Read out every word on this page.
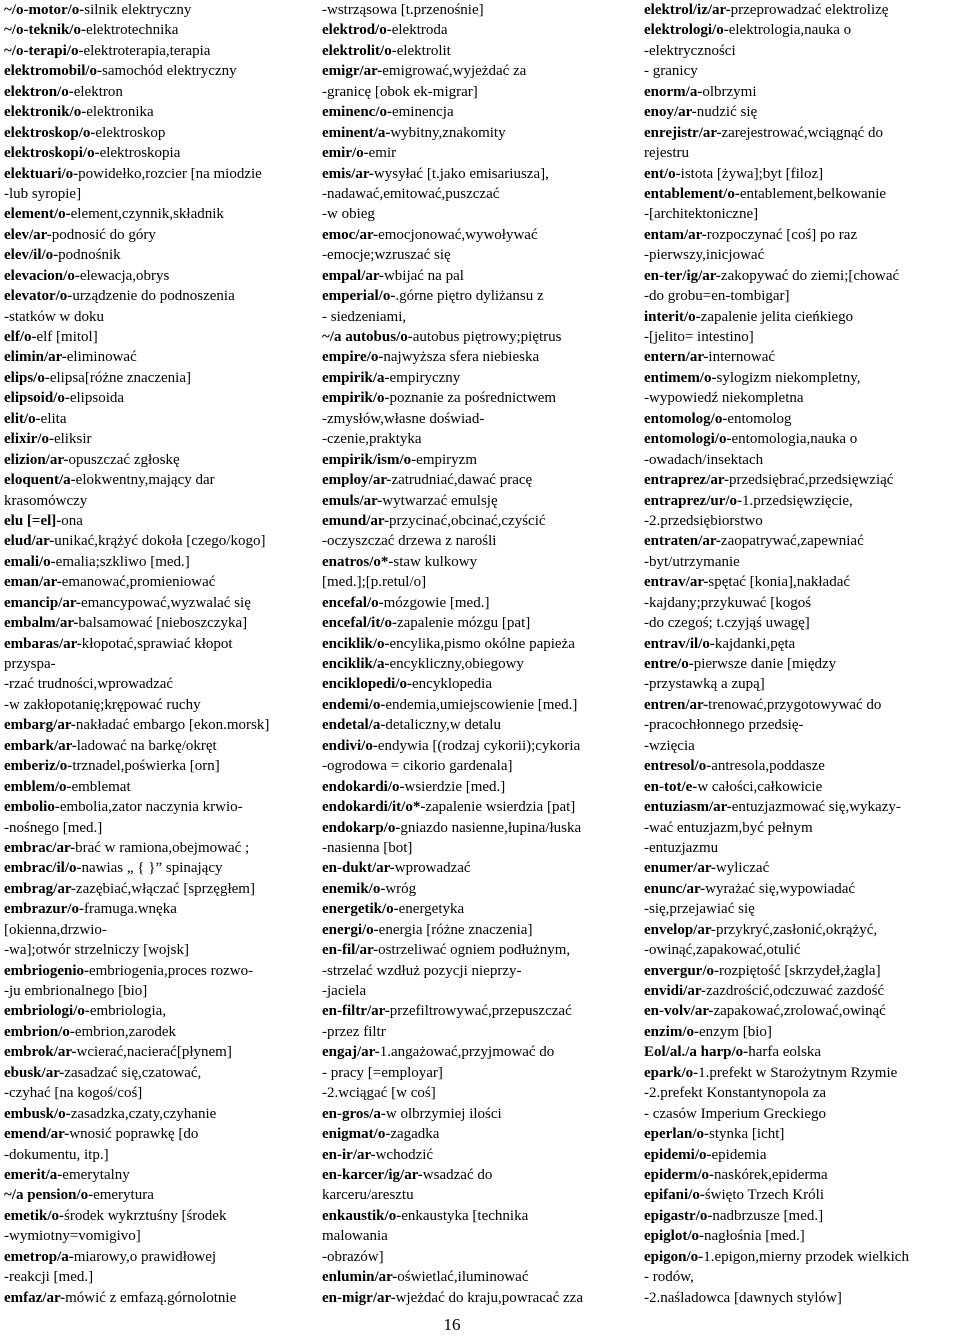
~/o-motor/o-silnik elektryczny
~/o-teknik/o-elektrotechnika
~/o-terapi/o-elektroterapia,terapia
elektromobil/o-samochód elektryczny
elektron/o-elektron
elektronik/o-elektronika
elektroskop/o-elektroskop
elektroskopi/o-elektroskopia
elektuari/o-powidełko,rozcier [na miodzie
-lub syropie]
element/o-element,czynnik,składnik
elev/ar-podnosić do góry
elev/il/o-podnośnik
elevacion/o-elewacja,obrys
elevator/o-urządzenie do podnoszenia
-statków w doku
elf/o-elf [mitol]
elimin/ar-eliminować
elips/o-elipsa[różne znaczenia]
elipsoid/o-elipsoida
elit/o-elita
elixir/o-eliksir
elizion/ar-opuszczać zgłoskę
eloquent/a-elokwentny,mający dar
krasomówczy
elu [=el]-ona
elud/ar-unikać,krążyć dokoła [czego/kogo]
emali/o-emalia;szkliwo [med.]
eman/ar-emanować,promieniować
emancip/ar-emancypować,wyzwalać się
embalm/ar-balsamować [nieboszczyka]
embaras/ar-kłopotać,sprawiać kłopot
przyspa-
-rzać trudności,wprowadzać
-w zakłopotanię;krępować ruchy
embarg/ar-nakładać embargo [ekon.morsk]
embark/ar-ladować na barkę/okręt
emberiz/o-trznadel,poświerka [orn]
emblem/o-emblemat
embolio-embolia,zator naczynia krwio-
-nośnego [med.]
embrac/ar-brać w ramiona,obejmować ;
embrac/il/o-nawias „ { }” spinający
embrag/ar-zazębiać,włączać [sprzęgłem]
embrazur/o-framuga.wnęka
[okienna,drzwio-
-wa];otwór strzelniczy [wojsk]
embriogenio-embriogenia,proces rozwo-
-ju embrionalnego [bio]
embriologi/o-embriologia,
embrion/o-embrion,zarodek
embrok/ar-wcierać,nacierać[płynem]
ebusk/ar-zasadzać się,czatować,
-czyhać [na kogoś/coś]
embusk/o-zasadzka,czaty,czyhanie
emend/ar-wnosić poprawkę [do
-dokumentu, itp.]
emerit/a-emerytalny
~/a pension/o-emerytura
emetik/o-środek wykrztuśny [środek
-wymiotny=vomigivo]
emetrop/a-miarowy,o prawidłowej
-reakcji [med.]
emfaz/ar-mówić z emfazą.górnolotnie
-wstrząsowa [t.przenośnie]
elektrod/o-elektroda
elektrolit/o-elektrolit
emigr/ar-emigrować,wyjeżdać za
-granicę [obok ek-migrar]
eminenc/o-eminencja
eminent/a-wybitny,znakomity
emir/o-emir
emis/ar-wysyłać [t.jako emisariusza],
-nadawać,emitować,puszczać
-w obieg
emoc/ar-emocjonować,wywoływać
-emocje;wzruszać się
empal/ar-wbijać na pal
emperial/o-.górne piętro dyliżansu z
- siedzeniami,
~/a autobus/o-autobus piętrowy;piętrus
empire/o-najwyższa sfera niebieska
empirik/a-empiryczny
empirik/o-poznanie za pośrednictwem
-zmysłów,własne doświad-
-czenie,praktyka
empirik/ism/o-empiryzm
employ/ar-zatrudniać,dawać pracę
emuls/ar-wytwarzać emulsję
emund/ar-przycinać,obcinać,czyścić
-oczyszczać drzewa z narośli
enatros/o*-staw kulkowy
[med.];[p.retul/o]
encefal/o-mózgowie [med.]
encefal/it/o-zapalenie mózgu [pat]
enciklik/o-encylika,pismo okólne papieża
enciklik/a-encykliczny,obiegowy
enciklopedi/o-encyklopedia
endemi/o-endemia,umiejscowienie [med.]
endetal/a-detaliczny,w detalu
endivi/o-endywia [(rodzaj cykorii);cykoria
-ogrodowa = cikorio gardenala]
endokardi/o-wsierdzie [med.]
endokardi/it/o*-zapalenie wsierdzia [pat]
endokarp/o-gniazdo nasienne,łupina/łuska
-nasienna [bot]
en-dukt/ar-wprowadzać
enemik/o-wróg
energetik/o-energetyka
energi/o-energia [różne znaczenia]
en-fil/ar-ostrzeliwać ogniem podłużnym,
-strzelać wzdłuż pozycji nieprzy-
-jaciela
en-filtr/ar-przefiltrowywać,przepuszczać
-przez filtr
engaj/ar-1.angażować,przyjmować do
- pracy [=employar]
-2.wciągać [w coś]
en-gros/a-w olbrzymiej ilości
enigmat/o-zagadka
en-ir/ar-wchodzić
en-karcer/ig/ar-wsadzać do
karceru/aresztu
enkaustik/o-enkaustyka [technika
malowania
-obrazów]
enlumin/ar-oświetlać,iluminować
en-migr/ar-wjeżdać do kraju,powracać zza
elektrol/iz/ar-przeprowadzać elektrolizę
elektrologi/o-elektrologia,nauka o
-elektryczności
- granicy
enorm/a-olbrzymi
enoy/ar-nudzić się
enrejistr/ar-zarejestrować,wciągnąć do
rejestru
ent/o-istota [żywa];byt [filoz]
entablement/o-entablement,belkowanie
-[architektoniczne]
entam/ar-rozpoczynać [coś] po raz
-pierwszy,inicjować
en-ter/ig/ar-zakopywać do ziemi;[chować
-do grobu=en-tombigar]
interit/o-zapalenie jelita cieńkiego
-[jelito= intestino]
entern/ar-internować
entimem/o-sylogizm niekompletny,
-wypowiedź niekompletna
entomolog/o-entomolog
entomologi/o-entomologia,nauka o
-owadach/insektach
entraprez/ar-przedsiębrać,przedsięwziąć
entraprez/ur/o-1.przedsięwzięcie,
-2.przedsiębiorstwo
entraten/ar-zaopatrywać,zapewniać
-byt/utrzymanie
entrav/ar-spętać [konia],nakładać
-kajdany;przykuwać [kogoś
-do czegoś; t.czyjąś uwagę]
entrav/il/o-kajdanki,pęta
entre/o-pierwsze danie [między
-przystawką a zupą]
entren/ar-trenować,przygotowywać do
-pracochłonnego przedsię-
-wzięcia
entresol/o-antresola,poddasze
en-tot/e-w całości,całkowicie
entuziasm/ar-entuzjazmować się,wykazy-
-wać entuzjazm,być pełnym
-entuzjazmu
enumer/ar-wyliczać
enunc/ar-wyrażać się,wypowiadać
-się,przejawiać się
envelop/ar-przykryć,zasłonić,okrążyć,
-owinąć,zapakować,otulić
envergur/o-rozpiętość [skrzydeł,żagla]
envidi/ar-zazdrościć,odczuwać zazdość
en-volv/ar-zapakować,zrolować,owinąć
enzim/o-enzym [bio]
Eol/al./a harp/o-harfa eolska
epark/o-1.prefekt w Starożytnym Rzymie
-2.prefekt Konstantynopola za
- czasów Imperium Greckiego
eperlan/o-stynka [icht]
epidemi/o-epidemia
epiderm/o-naskórek,epiderma
epifani/o-święto Trzech Króli
epigastr/o-nadbrzusze [med.]
epiglot/o-nagłośnia [med.]
epigon/o-1.epigon,mierny przodek wielkich
- rodów,
-2.naśladowca [dawnych stylów]
16
